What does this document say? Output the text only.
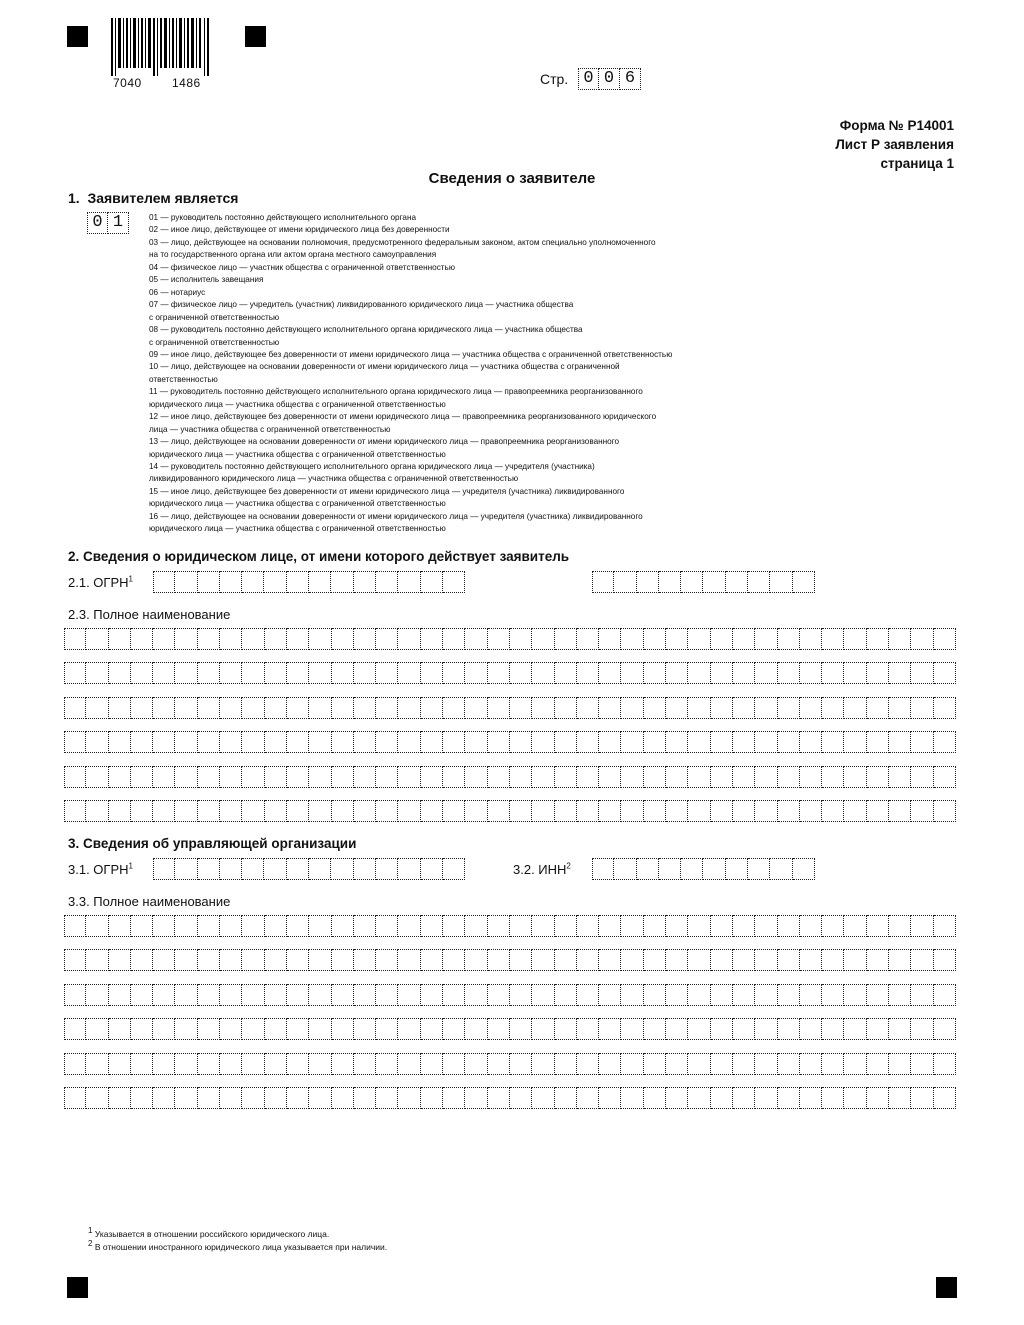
7040	1486	Стр. 0 0 6
Форма № Р14001
Лист Р заявления
страница 1
Сведения о заявителе
1.  Заявителем является
0 1	01 — руководитель постоянно действующего исполнительного органа
02 — иное лицо, действующее от имени юридического лица без доверенности
03 — лицо, действующее на основании полномочия, предусмотренного федеральным законом, актом специально уполномоченного
на то государственного органа или актом органа местного самоуправления
04 — физическое лицо — участник общества с ограниченной ответственностью
05 — исполнитель завещания
06 — нотариус
07 — физическое лицо — учредитель (участник) ликвидированного юридического лица — участника общества
с ограниченной ответственностью
08 — руководитель постоянно действующего исполнительного органа юридического лица — участника общества
с ограниченной ответственностью
09 — иное лицо, действующее без доверенности от имени юридического лица — участника общества с ограниченной ответственностью
10 — лицо, действующее на основании доверенности от имени юридического лица — участника общества с ограниченной
ответственностью
11 — руководитель постоянно действующего исполнительного органа юридического лица — правопреемника реорганизованного
юридического лица — участника общества с ограниченной ответственностью
12 — иное лицо, действующее без доверенности от имени юридического лица — правопреемника реорганизованного юридического
лица — участника общества с ограниченной ответственностью
13 — лицо, действующее на основании доверенности от имени юридического лица — правопреемника реорганизованного
юридического лица — участника общества с ограниченной ответственностью
14 — руководитель постоянно действующего исполнительного органа юридического лица — учредителя (участника)
ликвидированного юридического лица — участника общества с ограниченной ответственностью
15 — иное лицо, действующее без доверенности от имени юридического лица — учредителя (участника) ликвидированного
юридического лица — участника общества с ограниченной ответственностью
16 — лицо, действующее на основании доверенности от имени юридического лица — учредителя (участника) ликвидированного
юридического лица — участника общества с ограниченной ответственностью
2. Сведения о юридическом лице, от имени которого действует заявитель
2.1. ОГРН$^1$
2.3. Полное наименование
3. Сведения об управляющей организации
3.1. ОГРН$^1$	3.2. ИНН$^2$
3.3. Полное наименование
1 Указывается в отношении российского юридического лица.
2 В отношении иностранного юридического лица указывается при наличии.
